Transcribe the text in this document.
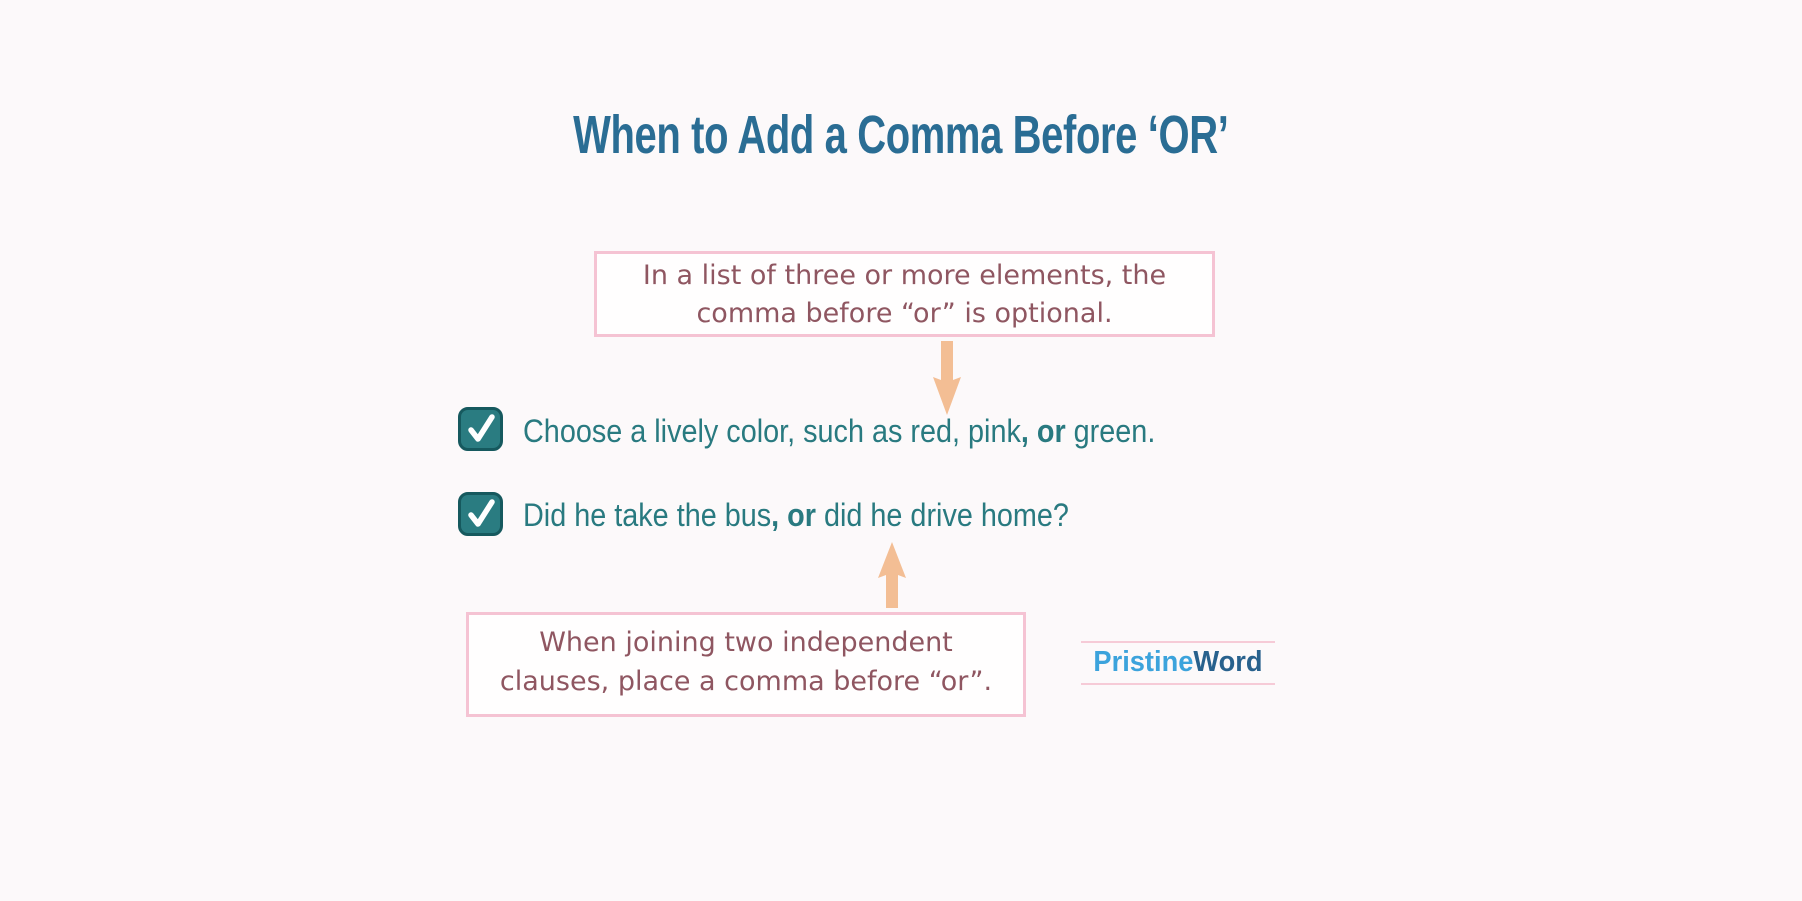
When to Add a Comma Before ‘OR’
In a list of three or more elements, the
comma before “or” is optional.
Choose a lively color, such as red, pink, or green.
Did he take the bus, or did he drive home?
When joining two independent
clauses, place a comma before “or”.
PristineWord
